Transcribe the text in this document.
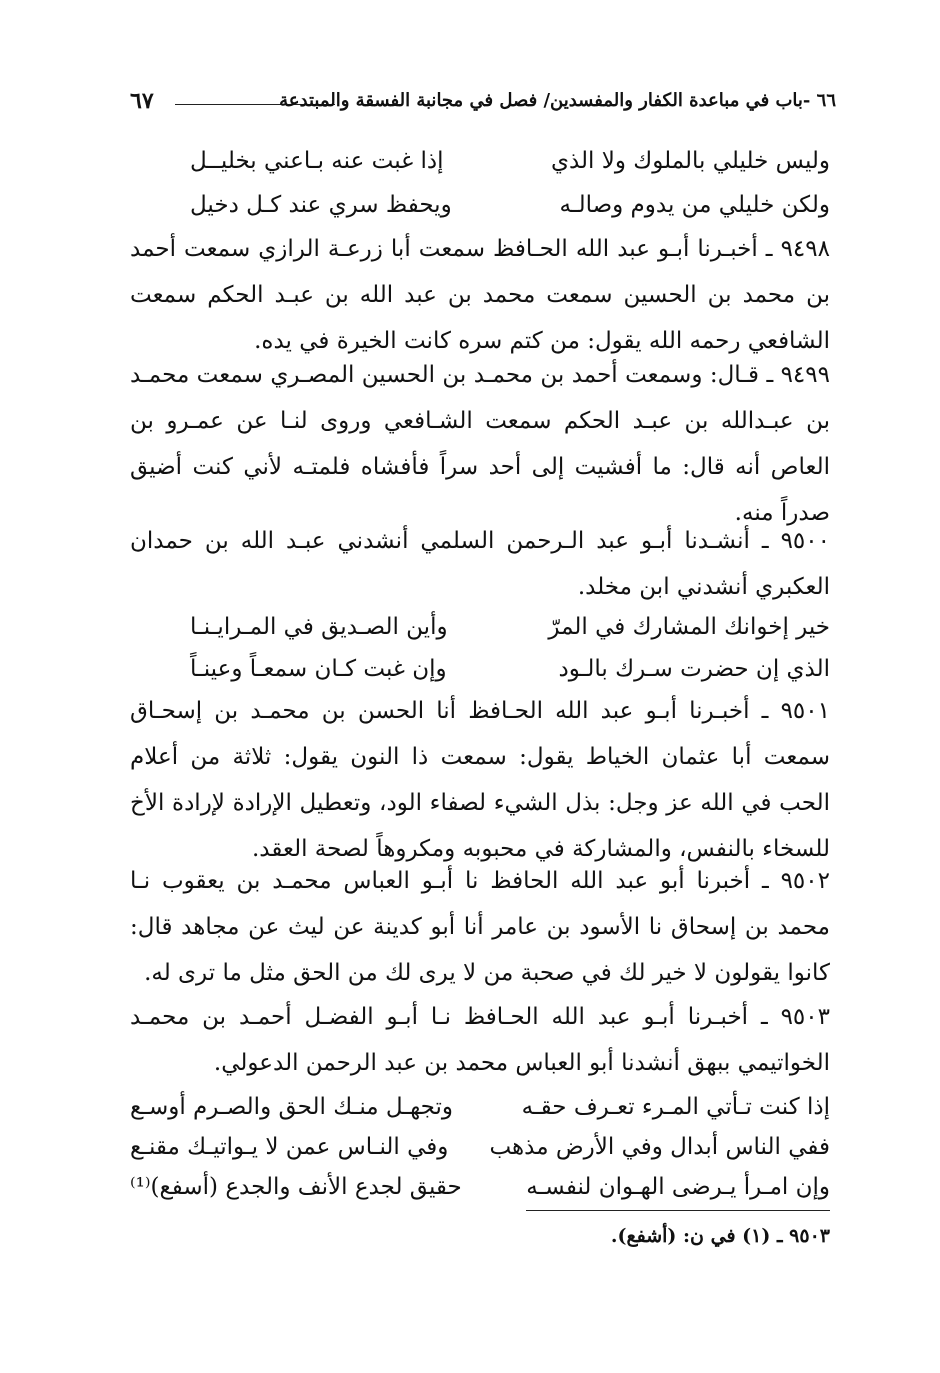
٦٧	٦٦ -باب في مباعدة الكفار والمفسدين/ فصل في مجانبة الفسقة والمبتدعة
وليس خليلي بالملوك ولا الذي
إذا غبت عنه بـاعني بخليــل
ولكن خليلي من يدوم وصالـه
ويحفظ سري عند كـل دخيل

٩٤٩٨ ـ أخبـرنا أبـو عبد الله الحـافظ سمعت أبا زرعـة الرازي سمعت أحمد بن محمد بن الحسين سمعت محمد بن عبد الله بن عبـد الحكم سمعت الشافعي رحمه الله يقول: من كتم سره كانت الخيرة في يده.

٩٤٩٩ ـ قـال: وسمعت أحمد بن محمـد بن الحسين المصـري سمعت محمـد بن عبـدالله بن عبـد الحكم سمعت الشـافعي وروى لنـا عن عمـرو بن العاص أنه قال: ما أفشيت إلى أحد سراً فأفشاه فلمتـه لأني كنت أضيق صدراً منه.

٩٥٠٠ ـ أنشـدنا أبـو عبد الـرحمن السلمي أنشدني عبـد الله بن حمدان العكبري أنشدني ابن مخلد.

خير إخوانك المشارك في المرّ
وأين الصـديق في المـرايـنـا
الذي إن حضرت سـرك بالـود
وإن غبت كـان سمعـاً وعينـاً

٩٥٠١ ـ أخبـرنا أبـو عبد الله الحـافظ أنا الحسن بن محمـد بن إسحـاق سمعت أبا عثمان الخياط يقول: سمعت ذا النون يقول: ثلاثة من أعلام الحب في الله عز وجل: بذل الشيء لصفاء الود، وتعطيل الإرادة لإرادة الأخ للسخاء بالنفس، والمشاركة في محبوبه ومكروهاً لصحة العقد.

٩٥٠٢ ـ أخبرنا أبو عبد الله الحافظ نا أبـو العباس محمـد بن يعقوب نـا محمد بن إسحاق نا الأسود بن عامر أنا أبو كدينة عن ليث عن مجاهد قال: كانوا يقولون لا خير لك في صحبة من لا يرى لك من الحق مثل ما ترى له.

٩٥٠٣ ـ أخبـرنا أبـو عبد الله الحـافظ نـا أبـو الفضـل أحمـد بن محمـد الخواتيمي ببهق أنشدنا أبو العباس محمد بن عبد الرحمن الدعولي.

إذا كنت تـأتي المـرء تعـرف حقـه
وتجهـل منـك الحق والصـرم أوسـع
ففي الناس أبدال وفي الأرض مذهب
وفي النـاس عمن لا يـواتيـك مقنـع
وإن امـرأ يـرضى الهـوان لنفسـه
حقيق لجدع الأنف والجدع (أسفع)⁽¹⁾
٩٥٠٣ ـ (١) في ن: (أشفع).
